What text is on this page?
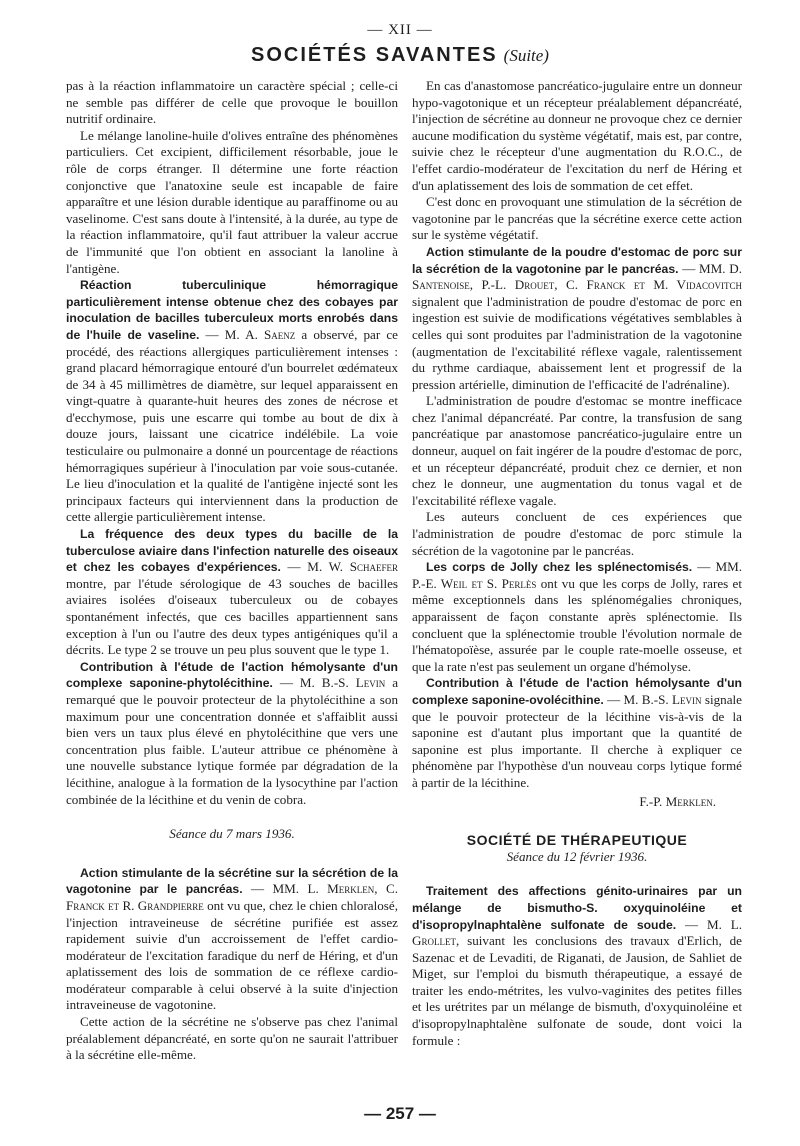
— XII —
SOCIÉTÉS SAVANTES (Suite)

pas à la réaction inflammatoire un caractère spécial ; celle-ci ne semble pas différer de celle que provoque le bouillon nutritif ordinaire.

Le mélange lanoline-huile d'olives entraîne des phénomènes particuliers. Cet excipient, difficilement résorbable, joue le rôle de corps étranger. Il détermine une forte réaction conjonctive que l'anatoxine seule est incapable de faire apparaître et une lésion durable identique au paraffinome ou au vaselinome. C'est sans doute à l'intensité, à la durée, au type de la réaction inflammatoire, qu'il faut attribuer la valeur accrue de l'immunité que l'on obtient en associant la lanoline à l'antigène.

Réaction tuberculinique hémorragique particulièrement intense obtenue chez des cobayes par inoculation de bacilles tuberculeux morts enrobés dans de l'huile de vaseline. — M. A. Saenz a observé, par ce procédé, des réactions allergiques particulièrement intenses : grand placard hémorragique entouré d'un bourrelet œdémateux de 34 à 45 millimètres de diamètre, sur lequel apparaissent en vingt-quatre à quarante-huit heures des zones de nécrose et d'ecchymose, puis une escarre qui tombe au bout de dix à douze jours, laissant une cicatrice indélébile. La voie testiculaire ou pulmonaire a donné un pourcentage de réactions hémorragiques supérieur à l'inoculation par voie sous-cutanée. Le lieu d'inoculation et la qualité de l'antigène injecté sont les principaux facteurs qui interviennent dans la production de cette allergie particulièrement intense.

La fréquence des deux types du bacille de la tuberculose aviaire dans l'infection naturelle des oiseaux et chez les cobayes d'expériences. — M. W. Schaefer montre, par l'étude sérologique de 43 souches de bacilles aviaires isolées d'oiseaux tuberculeux ou de cobayes spontanément infectés, que ces bacilles appartiennent sans exception à l'un ou l'autre des deux types antigéniques qu'il a décrits. Le type 2 se trouve un peu plus souvent que le type 1.

Contribution à l'étude de l'action hémolysante d'un complexe saponine-phytolécithine. — M. B.-S. Levin a remarqué que le pouvoir protecteur de la phytolécithine a son maximum pour une concentration donnée et s'affaiblit aussi bien vers un taux plus élevé en phytolécithine que vers une concentration plus faible. L'auteur attribue ce phénomène à une nouvelle substance lytique formée par dégradation de la lécithine, analogue à la formation de la lysocythine par l'action combinée de la lécithine et du venin de cobra.

Séance du 7 mars 1936.

Action stimulante de la sécrétine sur la sécrétion de la vagotonine par le pancréas. — MM. L. Merklen, C. Franck et R. Grandpierre ont vu que, chez le chien chloralosé, l'injection intraveineuse de sécrétine purifiée est assez rapidement suivie d'un accroissement de l'effet cardio-modérateur de l'excitation faradique du nerf de Héring, et d'un aplatissement des lois de sommation de ce réflexe cardio-modérateur comparable à celui observé à la suite d'injection intraveineuse de vagotonine.

Cette action de la sécrétine ne s'observe pas chez l'animal préalablement dépancréaté, en sorte qu'on ne saurait l'attribuer à la sécrétine elle-même.

En cas d'anastomose pancréatico-jugulaire entre un donneur hypo-vagotonique et un récepteur préalablement dépancréaté, l'injection de sécrétine au donneur ne provoque chez ce dernier aucune modification du système végétatif, mais est, par contre, suivie chez le récepteur d'une augmentation du R.O.C., de l'effet cardio-modérateur de l'excitation du nerf de Héring et d'un aplatissement des lois de sommation de cet effet.

C'est donc en provoquant une stimulation de la sécrétion de vagotonine par le pancréas que la sécrétine exerce cette action sur le système végétatif.

Action stimulante de la poudre d'estomac de porc sur la sécrétion de la vagotonine par le pancréas. — MM. D. Santenoise, P.-L. Drouet, C. Franck et M. Vidacovitch signalent que l'administration de poudre d'estomac de porc en ingestion est suivie de modifications végétatives semblables à celles qui sont produites par l'administration de la vagotonine (augmentation de l'excitabilité réflexe vagale, ralentissement du rythme cardiaque, abaissement lent et progressif de la pression artérielle, diminution de l'efficacité de l'adrénaline).

L'administration de poudre d'estomac se montre inefficace chez l'animal dépancréaté. Par contre, la transfusion de sang pancréatique par anastomose pancréatico-jugulaire entre un donneur, auquel on fait ingérer de la poudre d'estomac de porc, et un récepteur dépancréaté, produit chez ce dernier, et non chez le donneur, une augmentation du tonus vagal et de l'excitabilité réflexe vagale.

Les auteurs concluent de ces expériences que l'administration de poudre d'estomac de porc stimule la sécrétion de la vagotonine par le pancréas.

Les corps de Jolly chez les splénectomisés. — MM. P.-E. Weil et S. Perlès ont vu que les corps de Jolly, rares et même exceptionnels dans les splénomégalies chroniques, apparaissent de façon constante après splénectomie. Ils concluent que la splénectomie trouble l'évolution normale de l'hématopoïèse, assurée par le couple rate-moelle osseuse, et que la rate n'est pas seulement un organe d'hémolyse.

Contribution à l'étude de l'action hémolysante d'un complexe saponine-ovolécithine. — M. B.-S. Levin signale que le pouvoir protecteur de la lécithine vis-à-vis de la saponine est d'autant plus important que la quantité de saponine est plus importante. Il cherche à expliquer ce phénomène par l'hypothèse d'un nouveau corps lytique formé à partir de la lécithine.

F.-P. Merklen.

SOCIÉTÉ DE THÉRAPEUTIQUE

Séance du 12 février 1936.

Traitement des affections génito-urinaires par un mélange de bismutho-S. oxyquinoléine et d'isopropylnaphtalène sulfonate de soude. — M. L. Grollet, suivant les conclusions des travaux d'Erlich, de Sazenac et de Levaditi, de Riganati, de Jausion, de Sahliet de Miget, sur l'emploi du bismuth thérapeutique, a essayé de traiter les endo-métrites, les vulvo-vaginites des petites filles et les urétrites par un mélange de bismuth, d'oxyquinoléine et d'isopropylnaphtalène sulfonate de soude, dont voici la formule :

— 257 —
